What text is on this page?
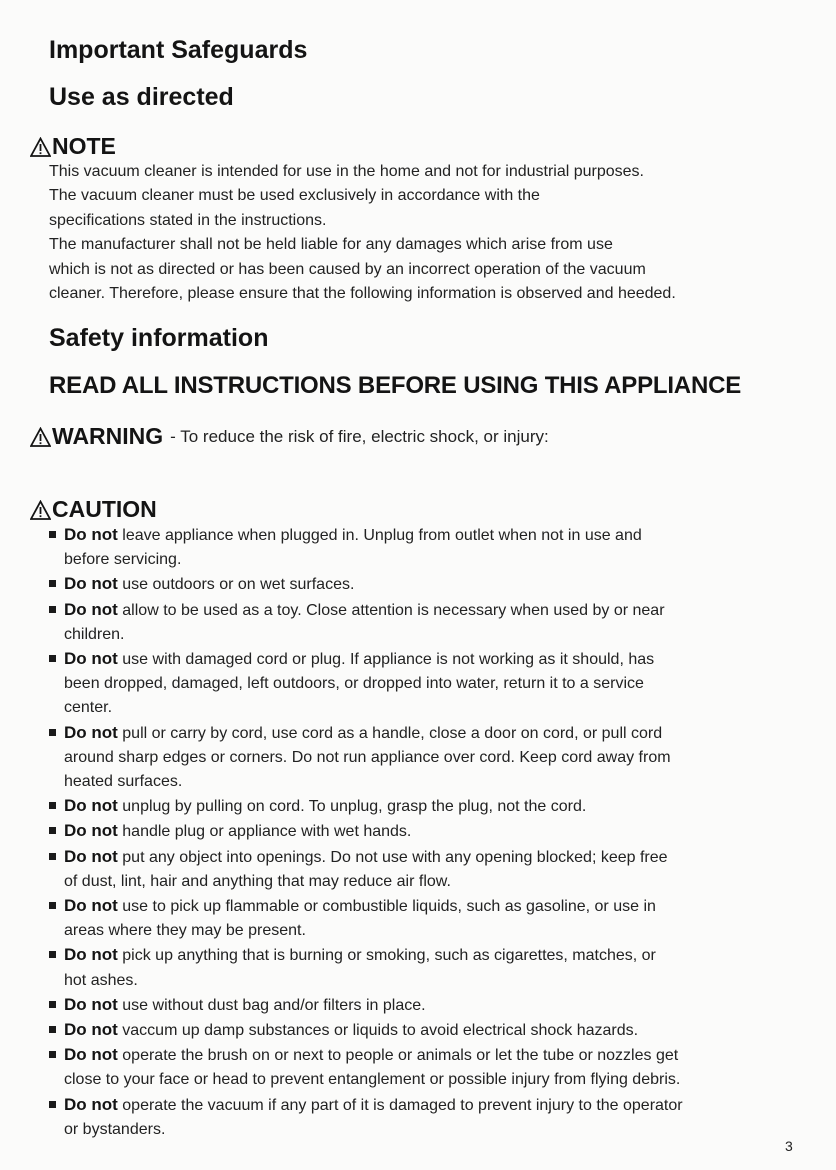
Important Safeguards
Use as directed
NOTE

This vacuum cleaner is intended for use in the home and not for industrial purposes.
The vacuum cleaner must be used exclusively in accordance with the
specifications stated in the instructions.

The manufacturer shall not be held liable for any damages which arise from use
which is not as directed or has been caused by an incorrect operation of the vacuum
cleaner. Therefore, please ensure that the following information is observed and heeded.

Safety information
READ ALL INSTRUCTIONS BEFORE USING THIS APPLIANCE
WARNING - To reduce the risk of fire, electric shock, or injury:
CAUTION
Do not leave appliance when plugged in. Unplug from outlet when not in use and
before servicing.
Do not use outdoors or on wet surfaces.
Do not allow to be used as a toy. Close attention is necessary when used by or near
children.
Do not use with damaged cord or plug. If appliance is not working as it should, has
been dropped, damaged, left outdoors, or dropped into water, return it to a service
center.
Do not pull or carry by cord, use cord as a handle, close a door on cord, or pull cord
around sharp edges or corners. Do not run appliance over cord. Keep cord away from
heated surfaces.
Do not unplug by pulling on cord. To unplug, grasp the plug, not the cord.
Do not handle plug or appliance with wet hands.
Do not put any object into openings. Do not use with any opening blocked; keep free
of dust, lint, hair and anything that may reduce air flow.
Do not use to pick up flammable or combustible liquids, such as gasoline, or use in
areas where they may be present.
Do not pick up anything that is burning or smoking, such as cigarettes, matches, or
hot ashes.
Do not use without dust bag and/or filters in place.
Do not vaccum up damp substances or liquids to avoid electrical shock hazards.
Do not operate the brush on or next to people or animals or let the tube or nozzles get
close to your face or head to prevent entanglement or possible injury from flying debris.
Do not operate the vacuum if any part of it is damaged to prevent injury to the operator
or bystanders.
3
